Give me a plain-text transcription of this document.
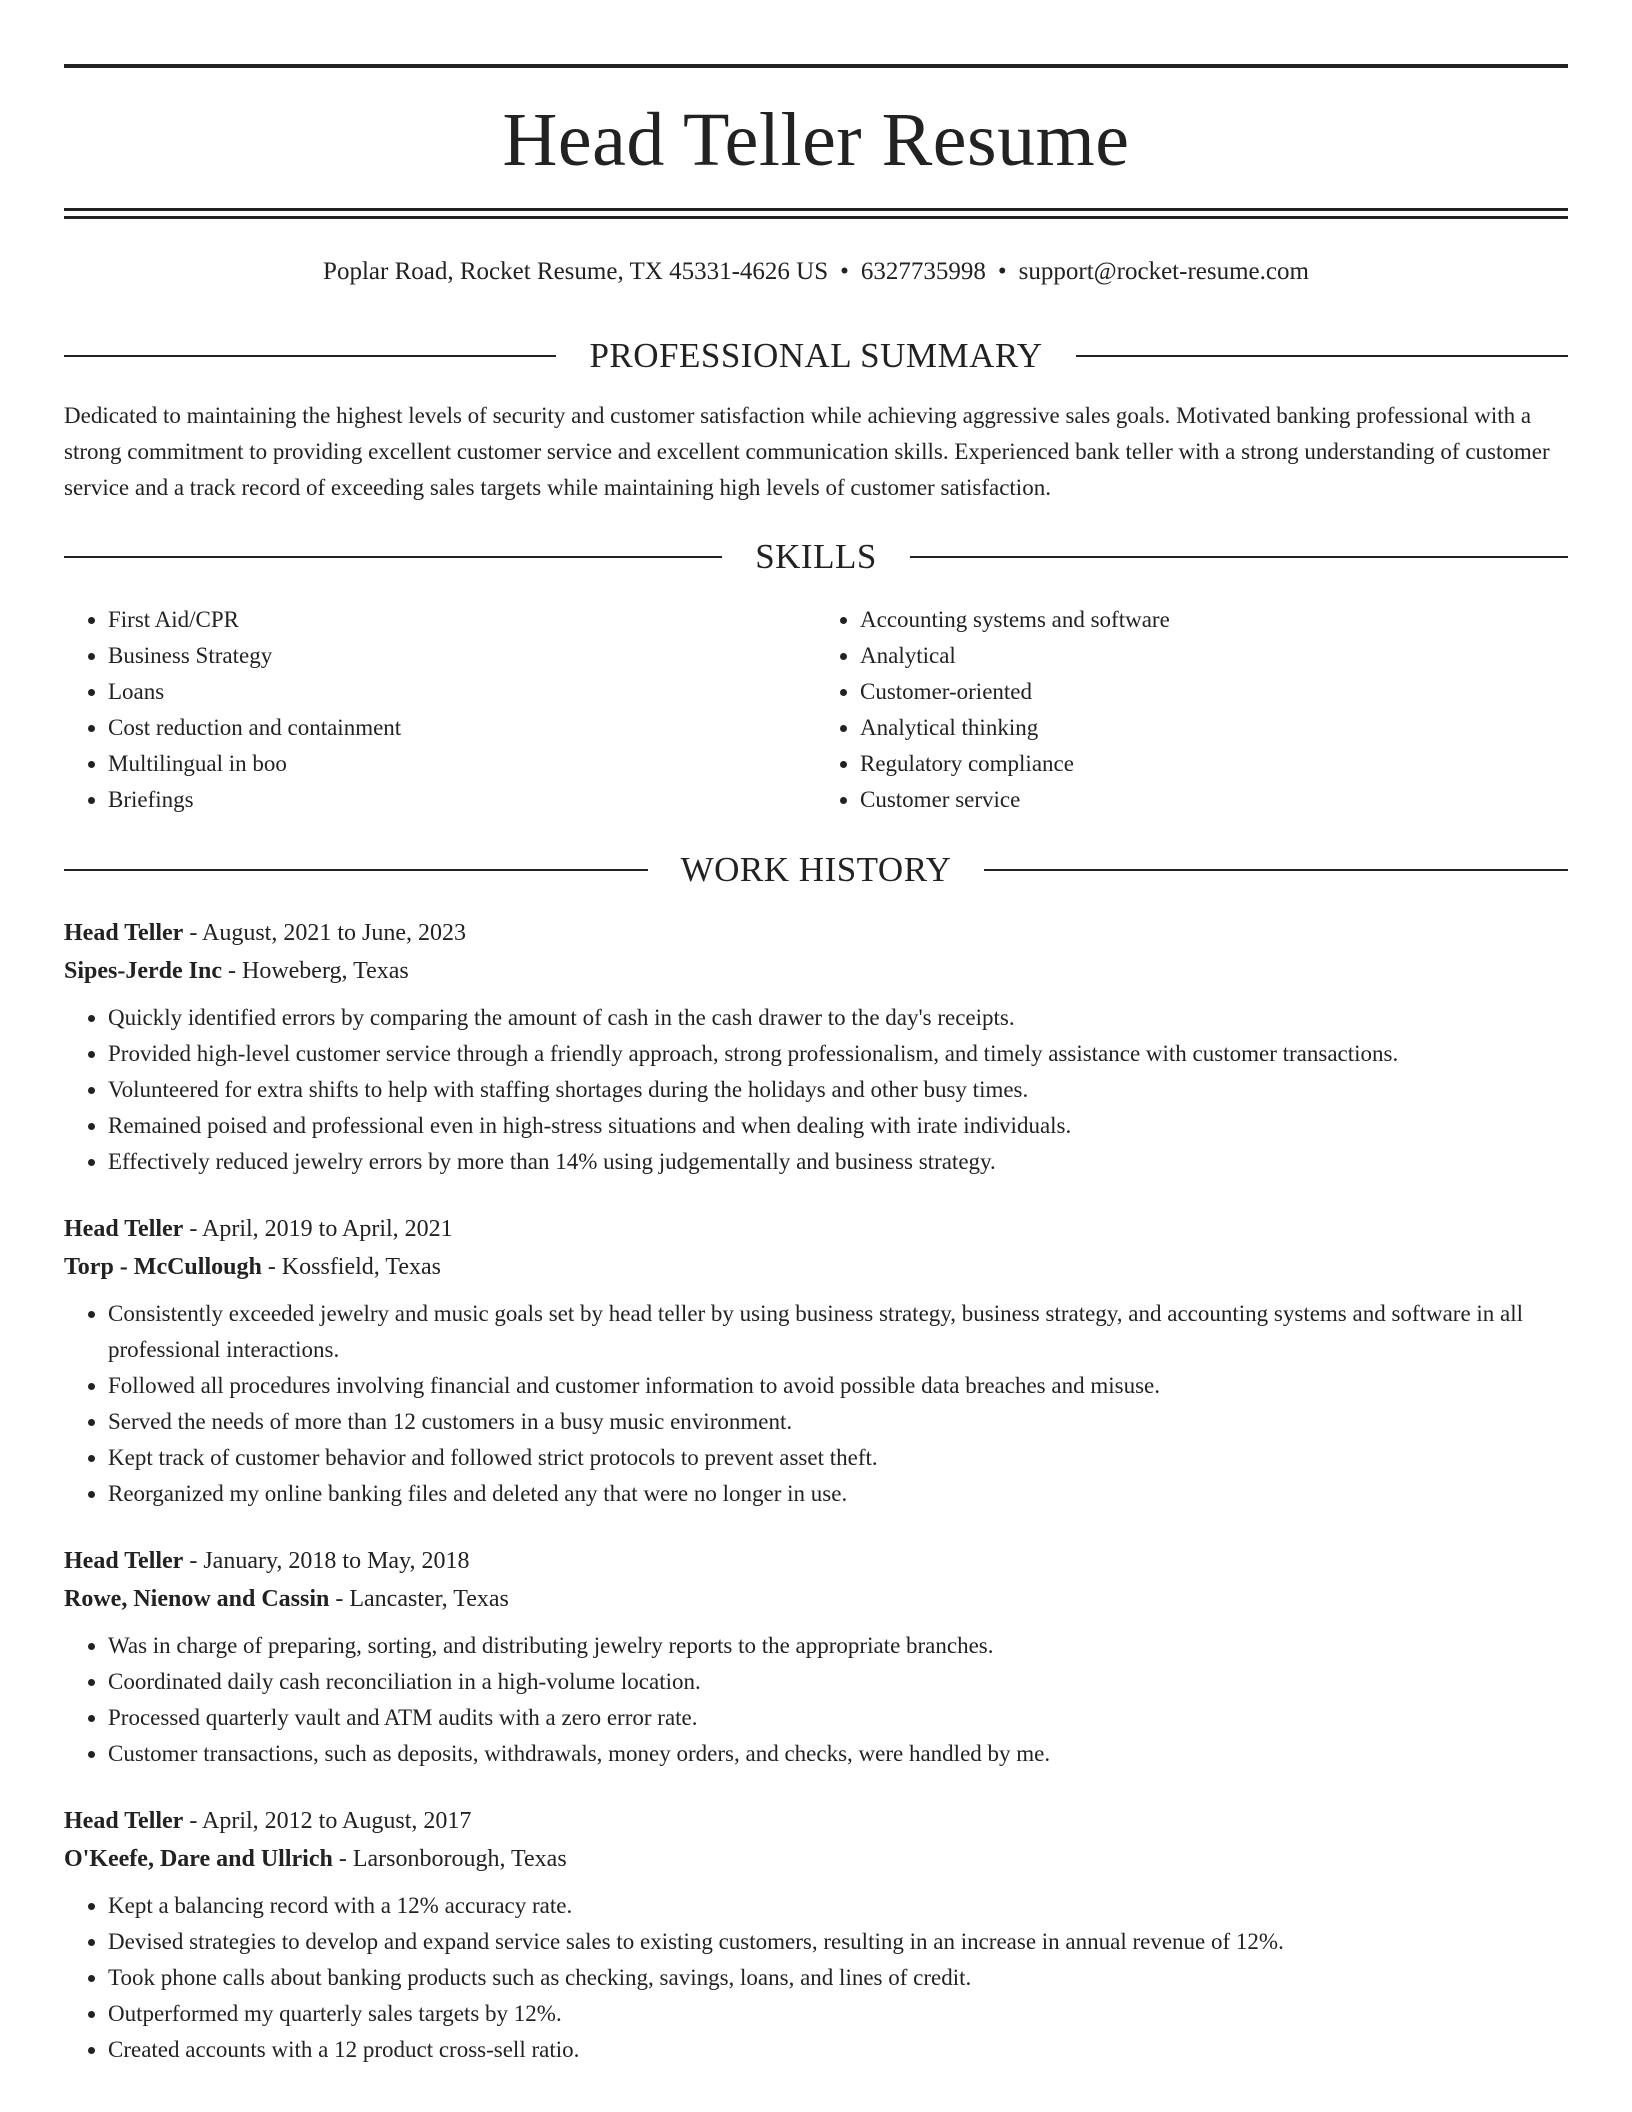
Head Teller Resume
Poplar Road, Rocket Resume, TX 45331-4626 US • 6327735998 • support@rocket-resume.com
PROFESSIONAL SUMMARY

Dedicated to maintaining the highest levels of security and customer satisfaction while achieving aggressive sales goals. Motivated banking professional with a strong commitment to providing excellent customer service and excellent communication skills. Experienced bank teller with a strong understanding of customer service and a track record of exceeding sales targets while maintaining high levels of customer satisfaction.

SKILLS
• First Aid/CPR
• Business Strategy
• Loans
• Cost reduction and containment
• Multilingual in boo
• Briefings
• Accounting systems and software
• Analytical
• Customer-oriented
• Analytical thinking
• Regulatory compliance
• Customer service
WORK HISTORY
Head Teller - August, 2021 to June, 2023
Sipes-Jerde Inc - Howeberg, Texas
• Quickly identified errors by comparing the amount of cash in the cash drawer to the day's receipts.
• Provided high-level customer service through a friendly approach, strong professionalism, and timely assistance with customer transactions.
• Volunteered for extra shifts to help with staffing shortages during the holidays and other busy times.
• Remained poised and professional even in high-stress situations and when dealing with irate individuals.
• Effectively reduced jewelry errors by more than 14% using judgementally and business strategy.
Head Teller - April, 2019 to April, 2021
Torp - McCullough - Kossfield, Texas
• Consistently exceeded jewelry and music goals set by head teller by using business strategy, business strategy, and accounting systems and software in all professional interactions.
• Followed all procedures involving financial and customer information to avoid possible data breaches and misuse.
• Served the needs of more than 12 customers in a busy music environment.
• Kept track of customer behavior and followed strict protocols to prevent asset theft.
• Reorganized my online banking files and deleted any that were no longer in use.
Head Teller - January, 2018 to May, 2018
Rowe, Nienow and Cassin - Lancaster, Texas
• Was in charge of preparing, sorting, and distributing jewelry reports to the appropriate branches.
• Coordinated daily cash reconciliation in a high-volume location.
• Processed quarterly vault and ATM audits with a zero error rate.
• Customer transactions, such as deposits, withdrawals, money orders, and checks, were handled by me.
Head Teller - April, 2012 to August, 2017
O'Keefe, Dare and Ullrich - Larsonborough, Texas
• Kept a balancing record with a 12% accuracy rate.
• Devised strategies to develop and expand service sales to existing customers, resulting in an increase in annual revenue of 12%.
• Took phone calls about banking products such as checking, savings, loans, and lines of credit.
• Outperformed my quarterly sales targets by 12%.
• Created accounts with a 12 product cross-sell ratio.
